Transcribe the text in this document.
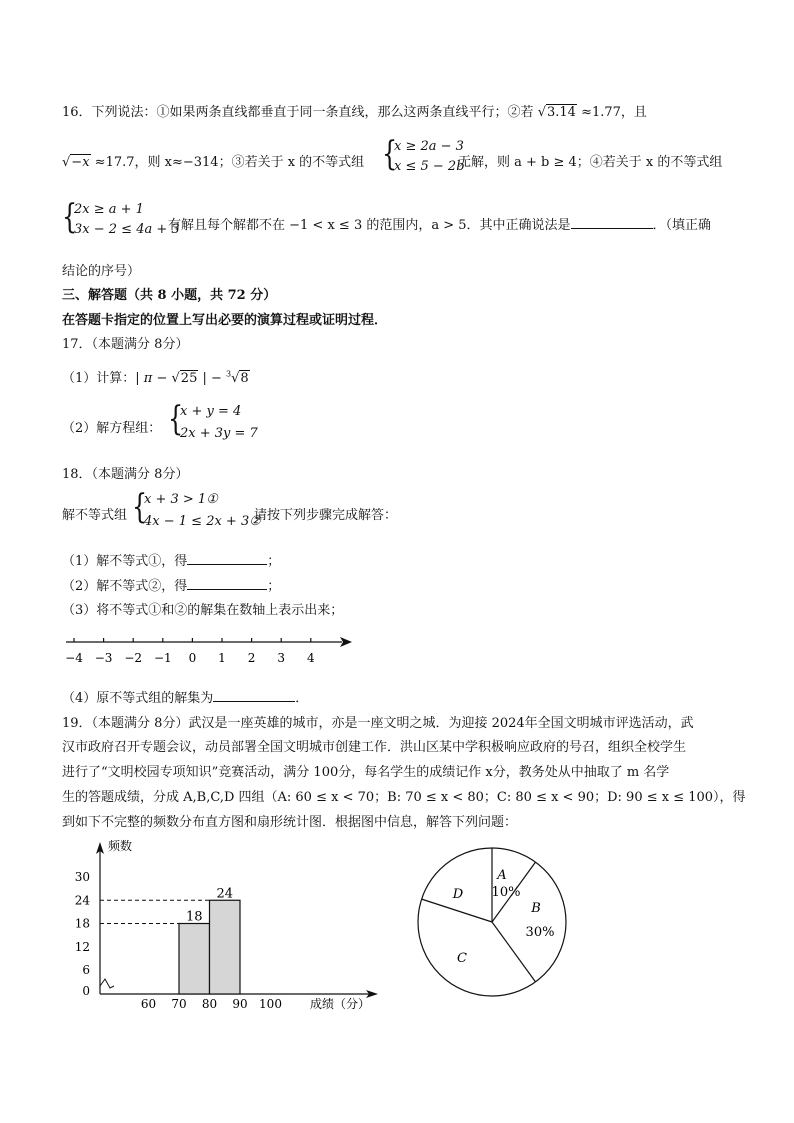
16．下列说法：①如果两条直线都垂直于同一条直线，那么这两条直线平行；②若 √3.14 ≈1.77，且
√−x ≈17.7，则 x≈−314；③若关于 x 的不等式组 {
x ≥ 2a − 3
x ≤ 5 − 2b
无解，则 a + b ≥ 4；④若关于 x 的不等式组
{
2x ≥ a + 1
3x − 2 ≤ 4a + 3
有解且每个解都不在 −1 < x ≤ 3 的范围内，a > 5．其中正确说法是	．（填正确
结论的序号）
三、解答题（共 8 小题，共 72 分）
在答题卡指定的位置上写出必要的演算过程或证明过程．
17．（本题满分 8分）
（1）计算：| π − √25 | − $^3$√8
（2）解方程组： {
x + y = 4
2x + 3y = 7
18．（本题满分 8分）
解不等式组 {
x + 3 > 1①
4x − 1 ≤ 2x + 3②
请按下列步骤完成解答：
（1）解不等式①，得	；
（2）解不等式②，得	；
（3）将不等式①和②的解集在数轴上表示出来；
−4 −3 −2 −1 0 1 2 3 4
（4）原不等式组的解集为	．
19．（本题满分 8分）武汉是一座英雄的城市，亦是一座文明之城．为迎接 2024年全国文明城市评选活动，武
汉市政府召开专题会议，动员部署全国文明城市创建工作．洪山区某中学积极响应政府的号召，组织全校学生
进行了“文明校园专项知识”竞赛活动，满分 100分，每名学生的成绩记作 x分，教务处从中抽取了 m 名学
生的答题成绩，分成 A,B,C,D 四组（A: 60 ≤ x < 70；B: 70 ≤ x < 80；C: 80 ≤ x < 90；D: 90 ≤ x ≤ 100），得
到如下不完整的频数分布直方图和扇形统计图．根据图中信息，解答下列问题：
频数
成绩（分）
0
6
12
18
24
30
60 70 80 90 100
18
24
A
10%
B
30%
C
D
